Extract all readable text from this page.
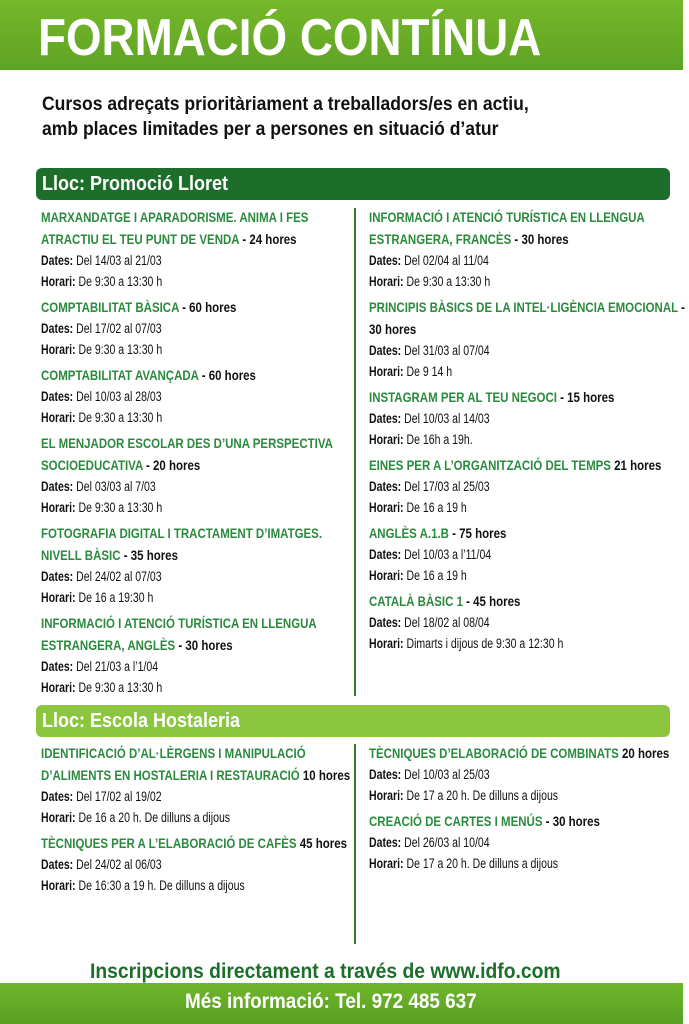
FORMACIÓ CONTÍNUA
Cursos adreçats prioritàriament a treballadors/es en actiu,
amb places limitades per a persones en situació d’atur
Lloc: Promoció Lloret
MARXANDATGE I APARADORISME. ANIMA I FES ATRACTIU EL TEU PUNT DE VENDA - 24 hores
Dates: Del 14/03 al 21/03
Horari: De 9:30 a 13:30 h
COMPTABILITAT BÀSICA - 60 hores
Dates: Del 17/02 al 07/03
Horari: De 9:30 a 13:30 h
COMPTABILITAT AVANÇADA - 60 hores
Dates: Del 10/03 al 28/03
Horari: De 9:30 a 13:30 h
EL MENJADOR ESCOLAR DES D’UNA PERSPECTIVA SOCIOEDUCATIVA - 20 hores
Dates: Del 03/03 al 7/03
Horari: De 9:30 a 13:30 h
FOTOGRAFIA DIGITAL I TRACTAMENT D’IMATGES. NIVELL BÀSIC - 35 hores
Dates: Del 24/02 al 07/03
Horari: De 16 a 19:30 h
INFORMACIÓ I ATENCIÓ TURÍSTICA EN LLENGUA ESTRANGERA, ANGLÈS - 30 hores
Dates: Del 21/03 a l’1/04
Horari: De 9:30 a 13:30 h
INFORMACIÓ I ATENCIÓ TURÍSTICA EN LLENGUA ESTRANGERA, FRANCÈS - 30 hores
Dates: Del 02/04 al 11/04
Horari: De 9:30 a 13:30 h
PRINCIPIS BÀSICS DE LA INTEL·LIGÈNCIA EMOCIONAL - 30 hores
Dates: Del 31/03 al 07/04
Horari: De 9 14 h
INSTAGRAM PER AL TEU NEGOCI - 15 hores
Dates: Del 10/03 al 14/03
Horari: De 16h a 19h.
EINES PER A L’ORGANITZACIÓ DEL TEMPS 21 hores
Dates: Del 17/03 al 25/03
Horari: De 16 a 19 h
ANGLÈS A.1.B - 75 hores
Dates: Del 10/03 a l’11/04
Horari: De 16 a 19 h
CATALÀ BÀSIC 1 - 45 hores
Dates: Del 18/02 al 08/04
Horari: Dimarts i dijous de 9:30 a 12:30 h
Lloc: Escola Hostaleria
IDENTIFICACIÓ D’AL·LÈRGENS I MANIPULACIÓ D’ALIMENTS EN HOSTALERIA I RESTAURACIÓ 10 hores
Dates: Del 17/02 al 19/02
Horari: De 16 a 20 h. De dilluns a dijous
TÈCNIQUES PER A L’ELABORACIÓ DE CAFÈS 45 hores
Dates: Del 24/02 al 06/03
Horari: De 16:30 a 19 h. De dilluns a dijous
TÈCNIQUES D’ELABORACIÓ DE COMBINATS 20 hores
Dates: Del 10/03 al 25/03
Horari: De 17 a 20 h. De dilluns a dijous
CREACIÓ DE CARTES I MENÚS - 30 hores
Dates: Del 26/03 al 10/04
Horari: De 17 a 20 h. De dilluns a dijous
Inscripcions directament a través de www.idfo.com
Més informació: Tel. 972 485 637
